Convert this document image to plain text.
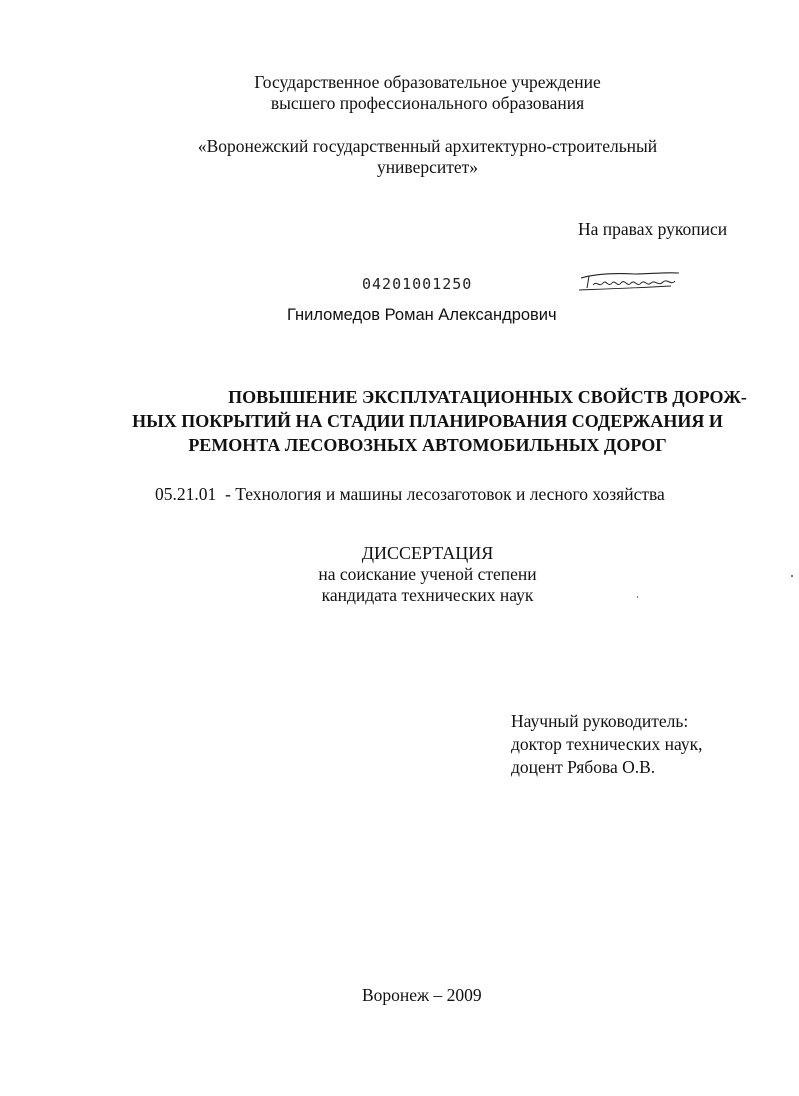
Государственное образовательное учреждение
высшего профессионального образования
«Воронежский государственный архитектурно-строительный
университет»
На правах рукописи
04201001250
Гниломедов Роман Александрович
ПОВЫШЕНИЕ ЭКСПЛУАТАЦИОННЫХ СВОЙСТВ ДОРОЖ-
НЫХ ПОКРЫТИЙ НА СТАДИИ ПЛАНИРОВАНИЯ СОДЕРЖАНИЯ И
РЕМОНТА ЛЕСОВОЗНЫХ АВТОМОБИЛЬНЫХ ДОРОГ
05.21.01 - Технология и машины лесозаготовок и лесного хозяйства
ДИССЕРТАЦИЯ
на соискание ученой степени
кандидата технических наук
Научный руководитель:
доктор технических наук,
доцент Рябова О.В.
Воронеж – 2009
